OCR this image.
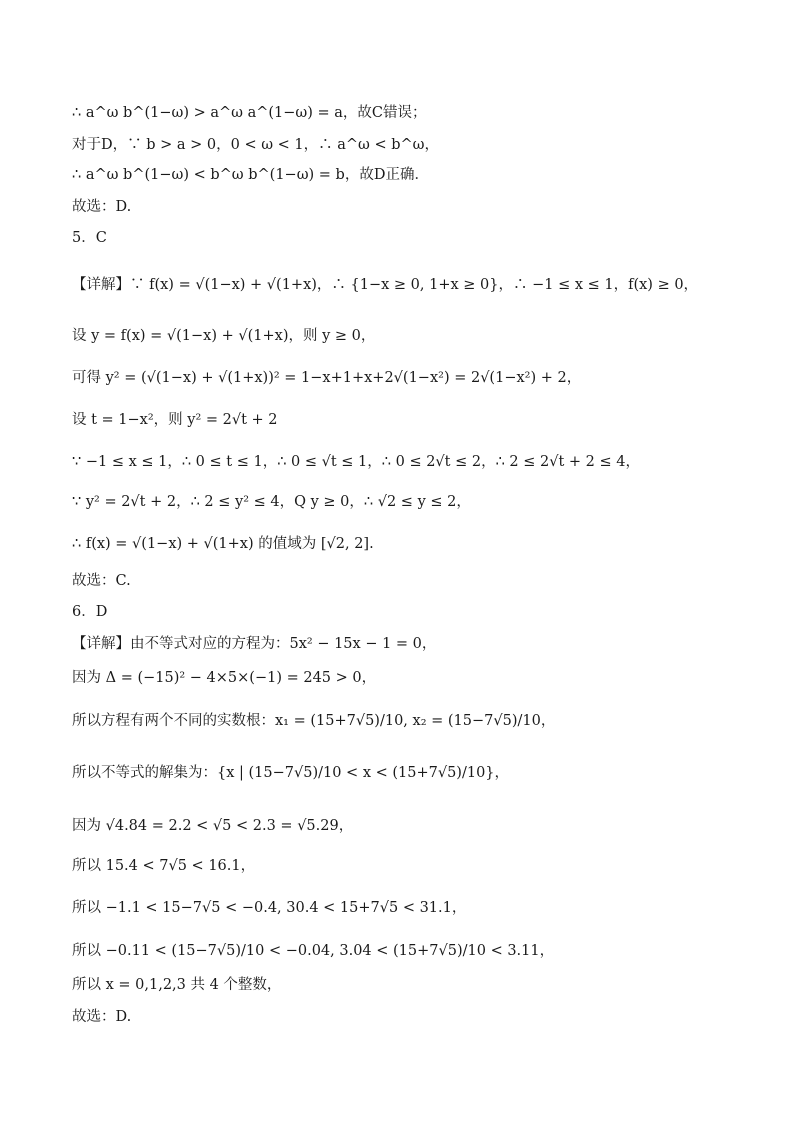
∴ a^ω b^(1−ω) > a^ω a^(1−ω) = a，故C错误；
对于D，∵ b > a > 0，0 < ω < 1，∴ a^ω < b^ω，
∴ a^ω b^(1−ω) < b^ω b^(1−ω) = b，故D正确．
故选：D.
5．C
【详解】∵ f(x) = √(1−x) + √(1+x)，∴ {1−x ≥ 0, 1+x ≥ 0}，∴ −1 ≤ x ≤ 1，f(x) ≥ 0，
设 y = f(x) = √(1−x) + √(1+x)，则 y ≥ 0，
可得 y² = (√(1−x) + √(1+x))² = 1−x+1+x+2√(1−x²) = 2√(1−x²) + 2，
设 t = 1−x²，则 y² = 2√t + 2
∵ −1 ≤ x ≤ 1，∴ 0 ≤ t ≤ 1，∴ 0 ≤ √t ≤ 1，∴ 0 ≤ 2√t ≤ 2，∴ 2 ≤ 2√t + 2 ≤ 4，
∵ y² = 2√t + 2，∴ 2 ≤ y² ≤ 4，Q y ≥ 0，∴ √2 ≤ y ≤ 2，
∴ f(x) = √(1−x) + √(1+x) 的值域为 [√2, 2].
故选：C.
6．D
【详解】由不等式对应的方程为：5x² − 15x − 1 = 0，
因为 Δ = (−15)² − 4×5×(−1) = 245 > 0，
所以方程有两个不同的实数根：x₁ = (15+7√5)/10, x₂ = (15−7√5)/10，
所以不等式的解集为：{x | (15−7√5)/10 < x < (15+7√5)/10}，
因为 √4.84 = 2.2 < √5 < 2.3 = √5.29，
所以 15.4 < 7√5 < 16.1，
所以 −1.1 < 15−7√5 < −0.4, 30.4 < 15+7√5 < 31.1，
所以 −0.11 < (15−7√5)/10 < −0.04, 3.04 < (15+7√5)/10 < 3.11，
所以 x = 0,1,2,3 共 4 个整数，
故选：D.
